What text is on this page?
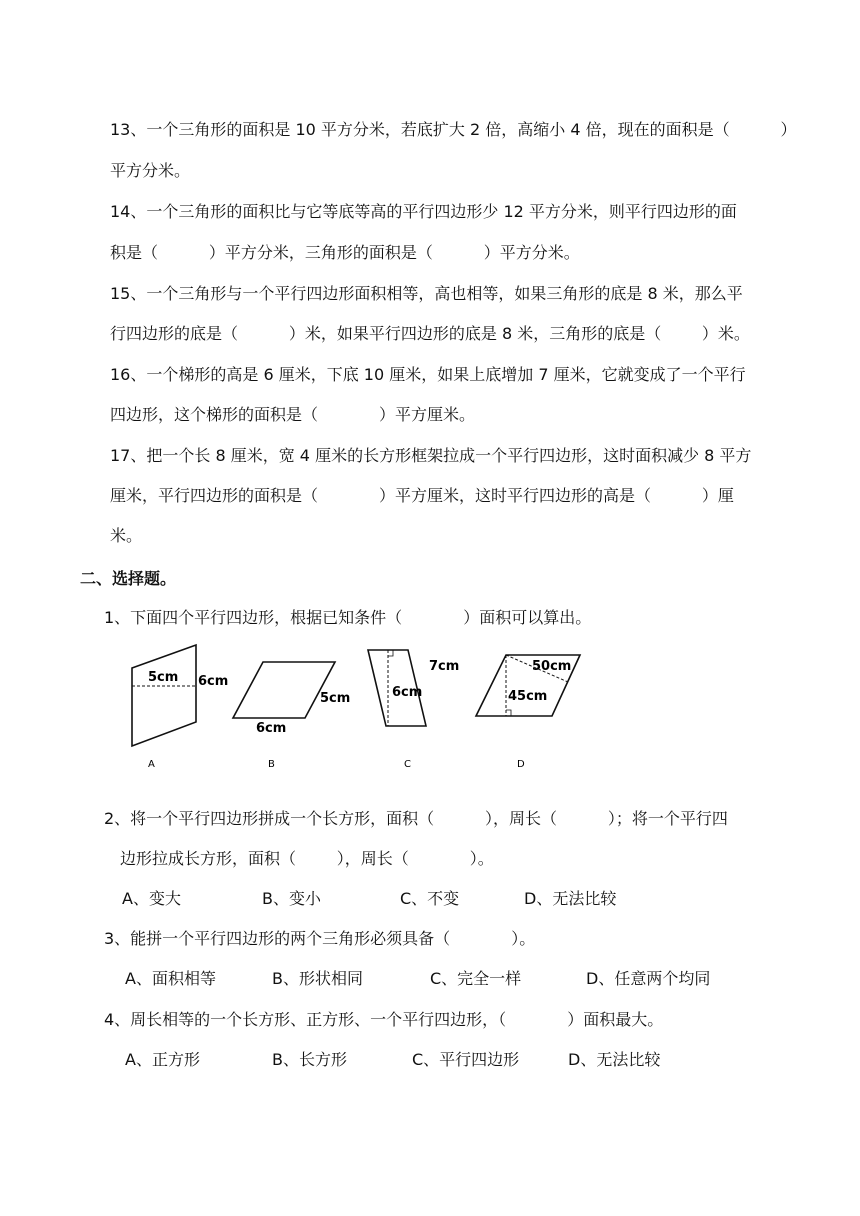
13、一个三角形的面积是 10 平方分米，若底扩大 2 倍，高缩小 4 倍，现在的面积是（          ）
平方分米。
14、一个三角形的面积比与它等底等高的平行四边形少 12 平方分米，则平行四边形的面
积是（          ）平方分米，三角形的面积是（          ）平方分米。
15、一个三角形与一个平行四边形面积相等，高也相等，如果三角形的底是 8 米，那么平
行四边形的底是（          ）米，如果平行四边形的底是 8 米，三角形的底是（        ）米。
16、一个梯形的高是 6 厘米，下底 10 厘米，如果上底增加 7 厘米，它就变成了一个平行
四边形，这个梯形的面积是（            ）平方厘米。
17、把一个长 8 厘米，宽 4 厘米的长方形框架拉成一个平行四边形，这时面积减少 8 平方
厘米，平行四边形的面积是（            ）平方厘米，这时平行四边形的高是（          ）厘
米。
二、选择题。
1、下面四个平行四边形，根据已知条件（            ）面积可以算出。
5cm 6cm
A
5cm
6cm
B
7cm
6cm
C
50cm
45cm
D
2、将一个平行四边形拼成一个长方形，面积（          ），周长（          ）；将一个平行四
边形拉成长方形，面积（        ），周长（            ）。
A、变大	B、变小	C、不变	D、无法比较
3、能拼一个平行四边形的两个三角形必须具备（            ）。
A、面积相等	B、形状相同	C、完全一样	D、任意两个均同
4、周长相等的一个长方形、正方形、一个平行四边形，（            ）面积最大。
A、正方形	B、长方形	C、平行四边形	D、无法比较
